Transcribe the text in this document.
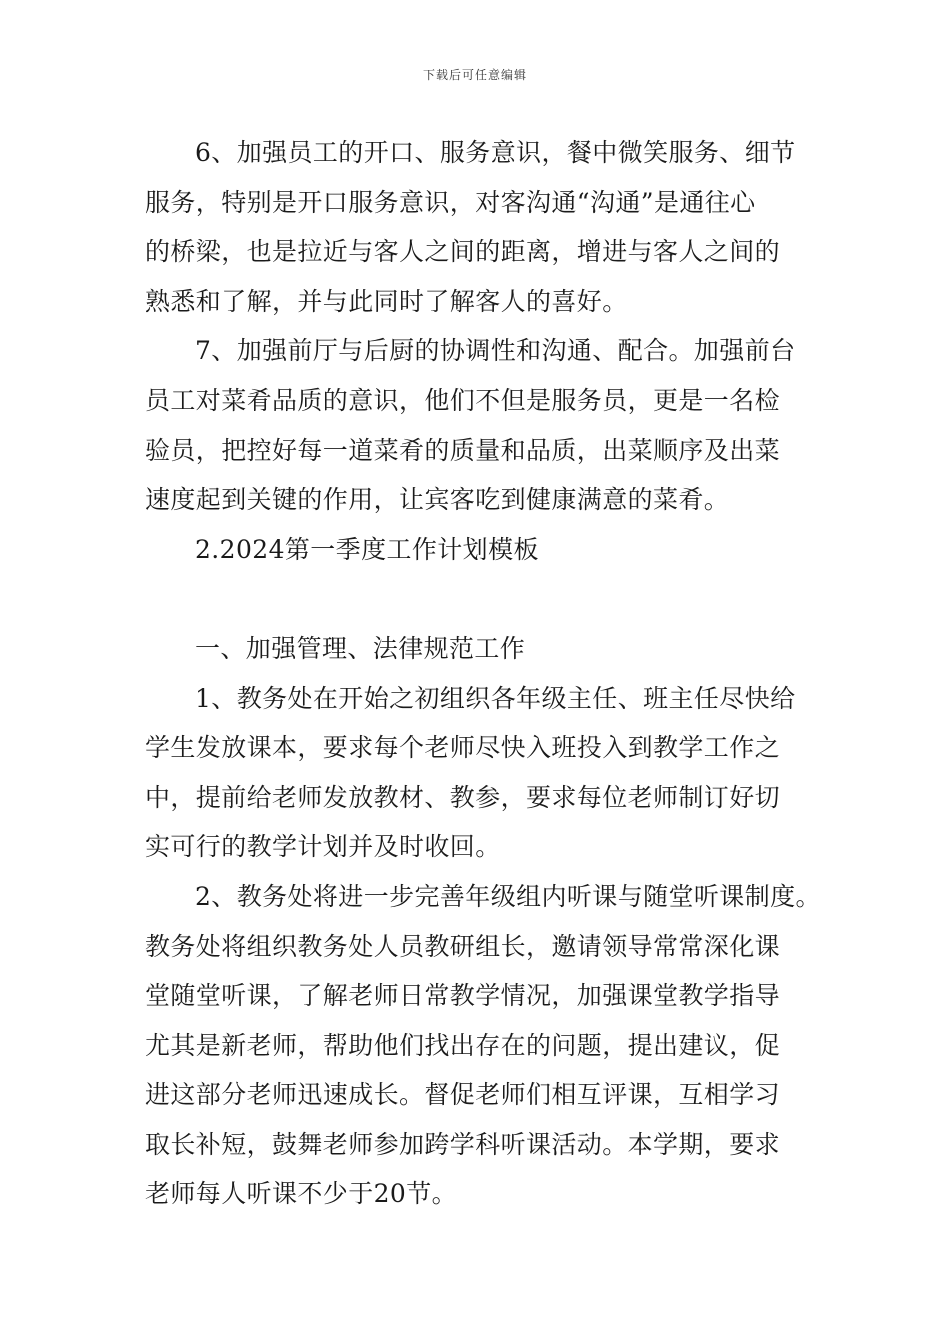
下载后可任意编辑
6、加强员工的开口、服务意识，餐中微笑服务、细节
服务，特别是开口服务意识，对客沟通“沟通”是通往心
的桥梁，也是拉近与客人之间的距离，增进与客人之间的
熟悉和了解，并与此同时了解客人的喜好。
7、加强前厅与后厨的协调性和沟通、配合。加强前台
员工对菜肴品质的意识，他们不但是服务员，更是一名检
验员，把控好每一道菜肴的质量和品质，出菜顺序及出菜
速度起到关键的作用，让宾客吃到健康满意的菜肴。
2.2024第一季度工作计划模板
一、加强管理、法律规范工作
1、教务处在开始之初组织各年级主任、班主任尽快给
学生发放课本，要求每个老师尽快入班投入到教学工作之
中，提前给老师发放教材、教参，要求每位老师制订好切
实可行的教学计划并及时收回。
2、教务处将进一步完善年级组内听课与随堂听课制度。
教务处将组织教务处人员教研组长，邀请领导常常深化课
堂随堂听课，了解老师日常教学情况，加强课堂教学指导
尤其是新老师，帮助他们找出存在的问题，提出建议，促
进这部分老师迅速成长。督促老师们相互评课，互相学习
取长补短，鼓舞老师参加跨学科听课活动。本学期，要求
老师每人听课不少于20节。
